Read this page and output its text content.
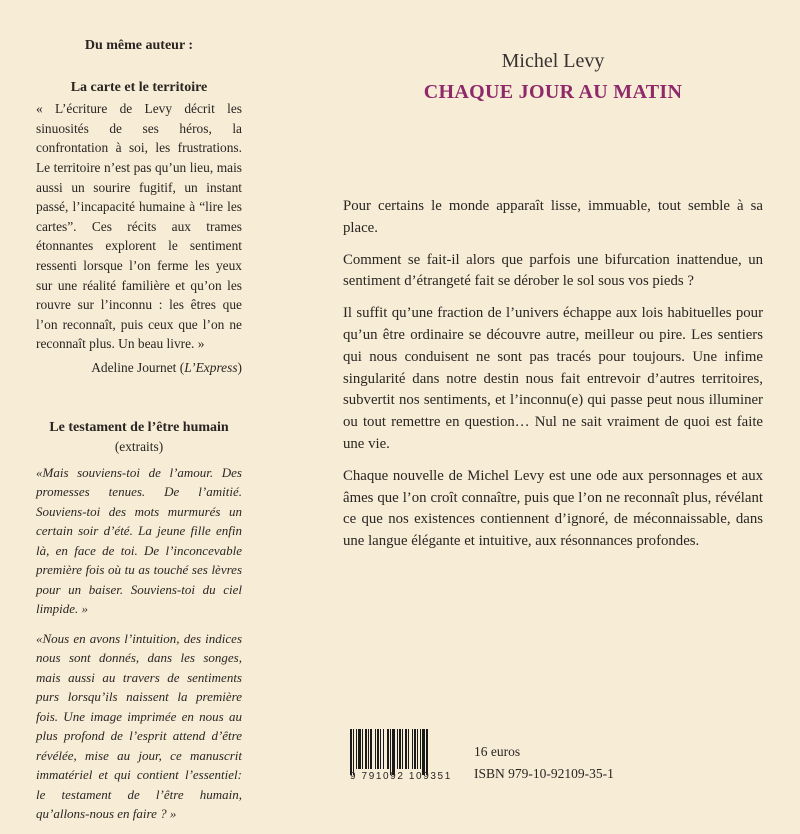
Du même auteur :

La carte et le territoire

« L’écriture de Levy décrit les sinuosités de ses héros, la confrontation à soi, les frustrations. Le territoire n’est pas qu’un lieu, mais aussi un sourire fugitif, un instant passé, l’incapacité humaine à “lire les cartes”. Ces récits aux trames étonnantes explorent le sentiment ressenti lorsque l’on ferme les yeux sur une réalité familière et qu’on les rouvre sur l’inconnu : les êtres que l’on reconnaît, puis ceux que l’on ne reconnaît plus. Un beau livre. »

Adeline Journet (L’Express)

Le testament de l’être humain

(extraits)

«Mais souviens-toi de l’amour. Des promesses tenues. De l’amitié. Souviens-toi des mots murmurés un certain soir d’été. La jeune fille enfin là, en face de toi. De l’inconcevable première fois où tu as touché ses lèvres pour un baiser. Souviens-toi du ciel limpide. »

«Nous en avons l’intuition, des indices nous sont donnés, dans les songes, mais aussi au travers de sentiments purs lorsqu’ils naissent la première fois. Une image imprimée en nous au plus profond de l’esprit attend d’être révélée, mise au jour, ce manuscrit immatériel et qui contient l’essentiel: le testament de l’être humain, qu’allons-nous en faire ? »

Michel Levy

CHAQUE JOUR AU MATIN

Pour certains le monde apparaît lisse, immuable, tout semble à sa place.

Comment se fait-il alors que parfois une bifurcation inattendue, un sentiment d’étrangeté fait se dérober le sol sous vos pieds ?

Il suffit qu’une fraction de l’univers échappe aux lois habituelles pour qu’un être ordinaire se découvre autre, meilleur ou pire. Les sentiers qui nous conduisent ne sont pas tracés pour toujours. Une infime singularité dans notre destin nous fait entrevoir d’autres territoires, subvertit nos sentiments, et l’inconnu(e) qui passe peut nous illuminer ou tout remettre en question… Nul ne sait vraiment de quoi est faite une vie.

Chaque nouvelle de Michel Levy est une ode aux personnages et aux âmes que l’on croît connaître, puis que l’on ne reconnaît plus, révélant ce que nos existences contiennent d’ignoré, de méconnaissable, dans une langue élégante et intuitive, aux résonnances profondes.

9 791092 109351
16 euros
ISBN 979-10-92109-35-1
